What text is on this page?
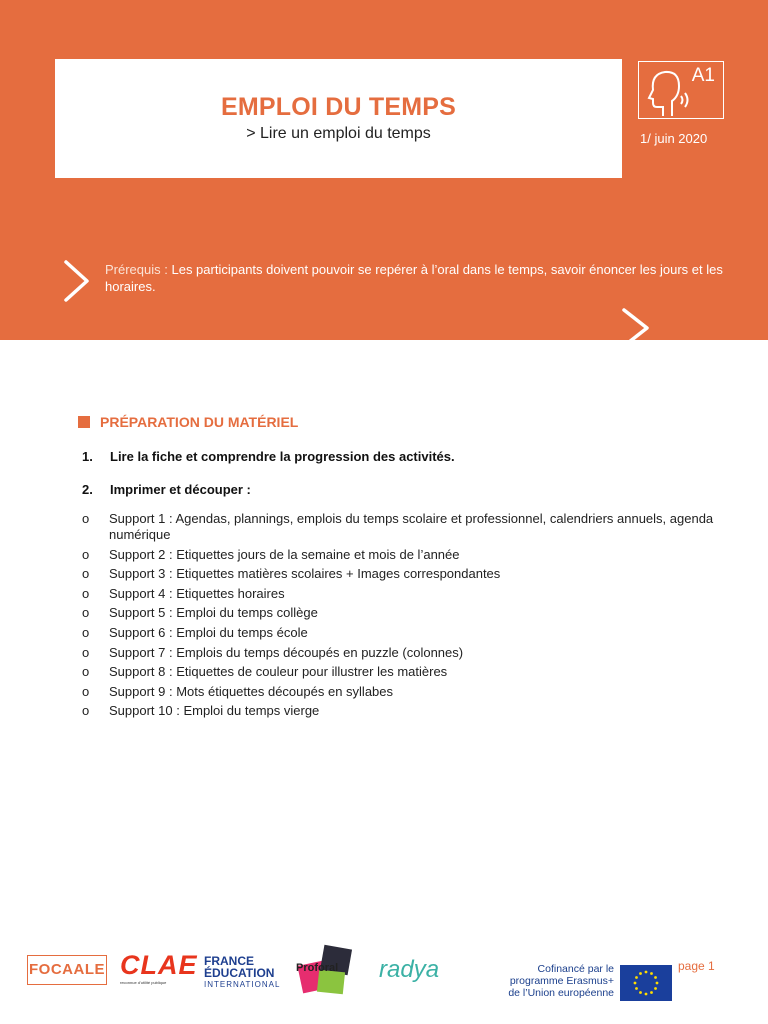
EMPLOI DU TEMPS
> Lire un emploi du temps
A1
1/ juin 2020
Prérequis : Les participants doivent pouvoir se repérer à l’oral dans le temps, savoir énoncer les jours et les horaires.
PRÉPARATION DU MATÉRIEL
1. Lire la fiche et comprendre la progression des activités.
2. Imprimer et découper :
o	Support 1 : Agendas, plannings, emplois du temps scolaire et professionnel, calendriers annuels, agenda numérique
o	Support 2 : Etiquettes jours de la semaine et mois de l’année
o	Support 3 : Etiquettes matières scolaires + Images correspondantes
o	Support 4 : Etiquettes horaires
o	Support 5 : Emploi du temps collège
o	Support 6 : Emploi du temps école
o	Support 7 : Emplois du temps découpés en puzzle (colonnes)
o	Support 8 : Etiquettes de couleur pour illustrer les matières
o	Support 9 : Mots étiquettes découpés en syllabes
o	Support 10 : Emploi du temps vierge
FOCAALE CLAE
reconnue d'utilité publique
FRANCE
ÉDUCATION
INTERNATIONAL
Proforal radya	page 1
Cofinancé par le programme Erasmus+ de l’Union européenne
